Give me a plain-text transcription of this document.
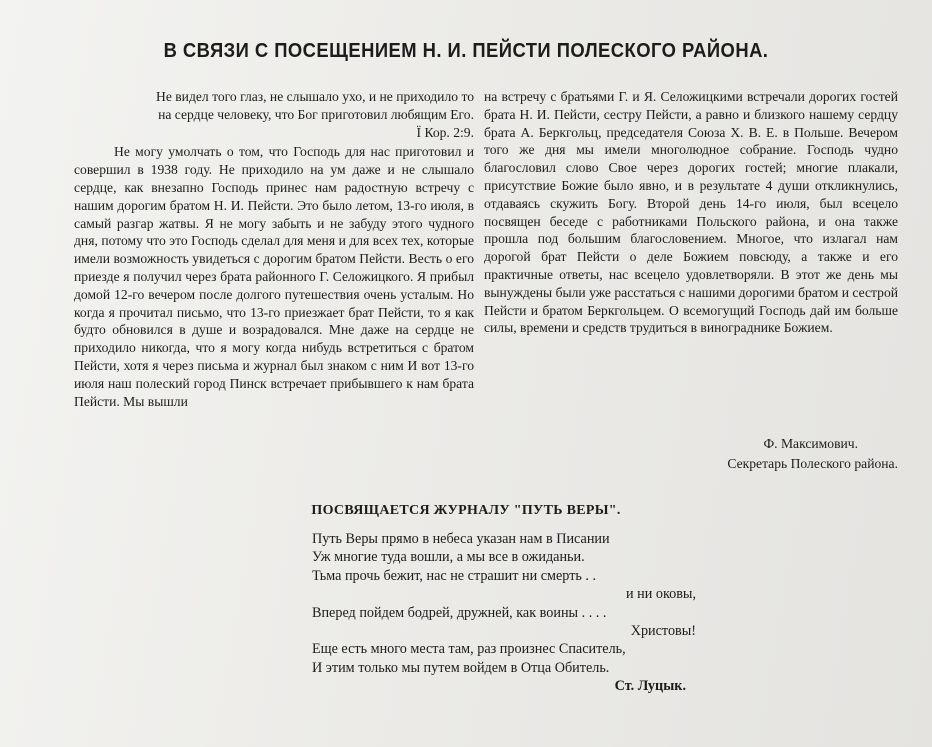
В СВЯЗИ С ПОСЕЩЕНИЕМ Н. И. ПЕЙСТИ ПОЛЕСКОГО РАЙОНА.

Не видел того глаз, не слышало ухо, и не приходило то на сердце человеку, что Бог приготовил любящим Его. Ї Кор. 2:9.

Не могу умолчать о том, что Господь для нас приготовил и совершил в 1938 году. Не приходило на ум даже и не слышало сердце, как внезапно Господь принес нам радостную встречу с нашим дорогим братом Н. И. Пейсти. Это было летом, 13-го июля, в самый разгар жатвы. Я не могу забыть и не забуду этого чудного дня, потому что это Господь сделал для меня и для всех тех, которые имели возможность увидеться с дорогим братом Пейсти. Весть о его приезде я получил через брата районного Г. Селожицкого. Я прибыл домой 12-го вечером после долгого путешествия очень усталым. Но когда я прочитал письмо, что 13-го приезжает брат Пейсти, то я как будто обновился в душе и возрадовался. Мне даже на сердце не приходило никогда, что я могу когда нибудь встретиться с братом Пейсти, хотя я через письма и журнал был знаком с ним И вот 13-го июля наш полеский город Пинск встречает прибывшего к нам брата Пейсти. Мы вышли

на встречу с братьями Г. и Я. Селожицкими встречали дорогих гостей брата Н. И. Пейсти, сестру Пейсти, а равно и близкого нашему сердцу брата А. Беркгольц, председателя Союза Х. В. Е. в Польше. Вечером того же дня мы имели многолюдное собрание. Господь чудно благословил слово Свое через дорогих гостей; многие плакали, присутствие Божие было явно, и в результате 4 души откликнулись, отдаваясь скужить Богу. Второй день 14-го июля, был всецело посвящен беседе с работниками Польского района, и она также прошла под большим благословением. Многое, что излагал нам дорогой брат Пейсти о деле Божием повсюду, а также и его практичные ответы, нас всецело удовлетворяли. В этот же день мы вынуждены были уже расстаться с нашими дорогими братом и сестрой Пейсти и братом Беркгольцем. О всемогущий Господь дай им больше силы, времени и средств трудиться в винограднике Божием.

Ф. Максимович.
Секретарь Полеского района.
ПОСВЯЩАЕТСЯ ЖУРНАЛУ "ПУТЬ ВЕРЫ".
Путь Веры прямо в небеса указан нам в Писании
Уж многие туда вошли, а мы все в ожиданьи.
Тьма прочь бежит, нас не страшит ни смерть . .
и ни оковы,
Вперед пойдем бодрей, дружней, как воины . . . .
Христовы!
Еще есть много места там, раз произнес Спаситель,
И этим только мы путем войдем в Отца Обитель.
Ст. Луцык.
